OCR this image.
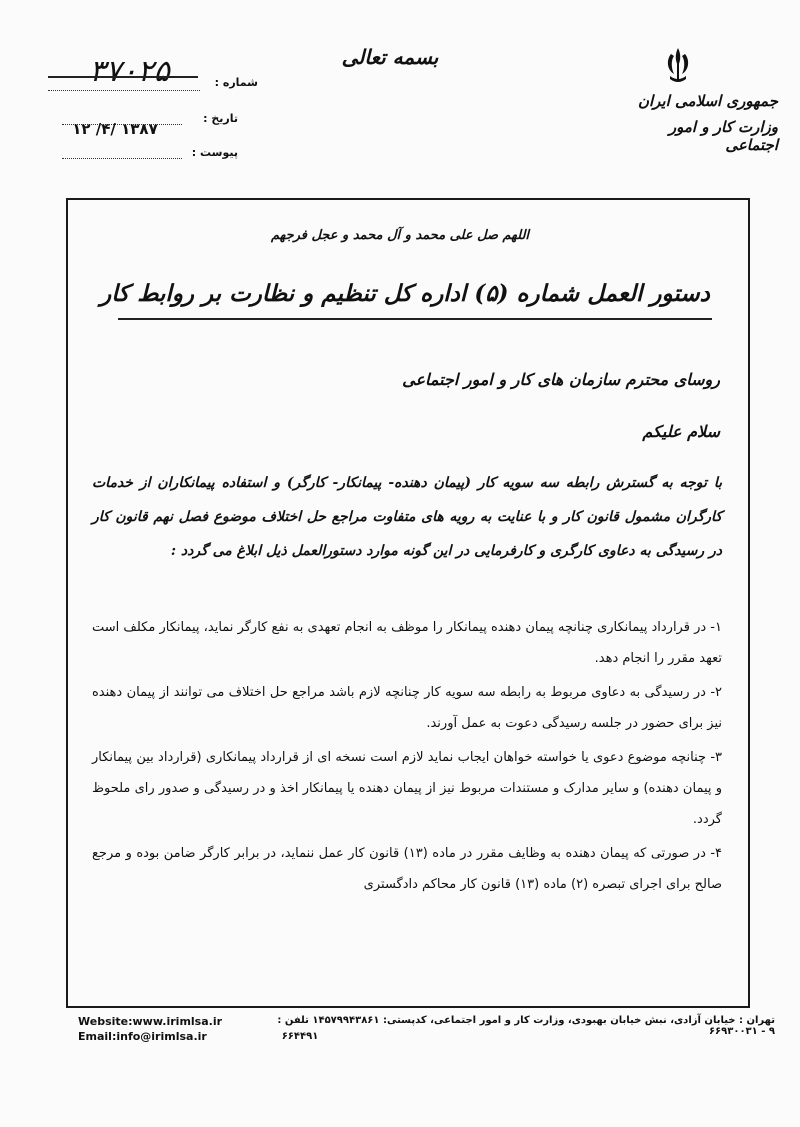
بسمه تعالی
جمهوری اسلامی ایران
وزارت کار و امور اجتماعی
شماره :
۳۷۰۲۵
تاریخ :
۱۳۸۷ /۴/ ۱۲
پیوست :
اللهم صل علی محمد و آل محمد و عجل فرجهم
دستور العمل شماره (۵) اداره کل تنظیم و نظارت بر روابط کار
روسای محترم سازمان های کار و امور اجتماعی
سلام علیکم
با توجه به گسترش رابطه سه سویه کار (پیمان دهنده- پیمانکار- کارگر) و استفاده پیمانکاران از خدمات کارگران مشمول قانون کار و با عنایت به رویه های متفاوت مراجع حل اختلاف موضوع فصل نهم قانون کار در رسیدگی به دعاوی کارگری و کارفرمایی در این گونه موارد دستورالعمل ذیل ابلاغ می گردد :

۱- در قرارداد پیمانکاری چنانچه پیمان دهنده پیمانکار را موظف به انجام تعهدی به نفع کارگر نماید، پیمانکار مکلف است تعهد مقرر را انجام دهد.

۲- در رسیدگی به دعاوی مربوط به رابطه سه سویه کار چنانچه لازم باشد مراجع حل اختلاف می توانند از پیمان دهنده نیز برای حضور در جلسه رسیدگی دعوت به عمل آورند.

۳- چنانچه موضوع دعوی یا خواسته خواهان ایجاب نماید لازم است نسخه ای از قرارداد پیمانکاری (قرارداد بین پیمانکار و پیمان دهنده) و سایر مدارک و مستندات مربوط نیز از پیمان دهنده یا پیمانکار اخذ و در رسیدگی و صدور رای ملحوظ گردد.

۴- در صورتی که پیمان دهنده به وظایف مقرر در ماده (۱۳) قانون کار عمل ننماید، در برابر کارگر ضامن بوده و مرجع صالح برای اجرای تبصره (۲) ماده (۱۳) قانون کار محاکم دادگستری

تهران : خیابان آزادی، نبش خیابان بهبودی، وزارت کار و امور اجتماعی، کدپستی: ۱۴۵۷۹۹۴۳۸۶۱ تلفن : ۹ - ۶۶۹۳۰۰۳۱
۶۶۴۴۹۱
Website:www.irimlsa.ir
Email:info@irimlsa.ir
